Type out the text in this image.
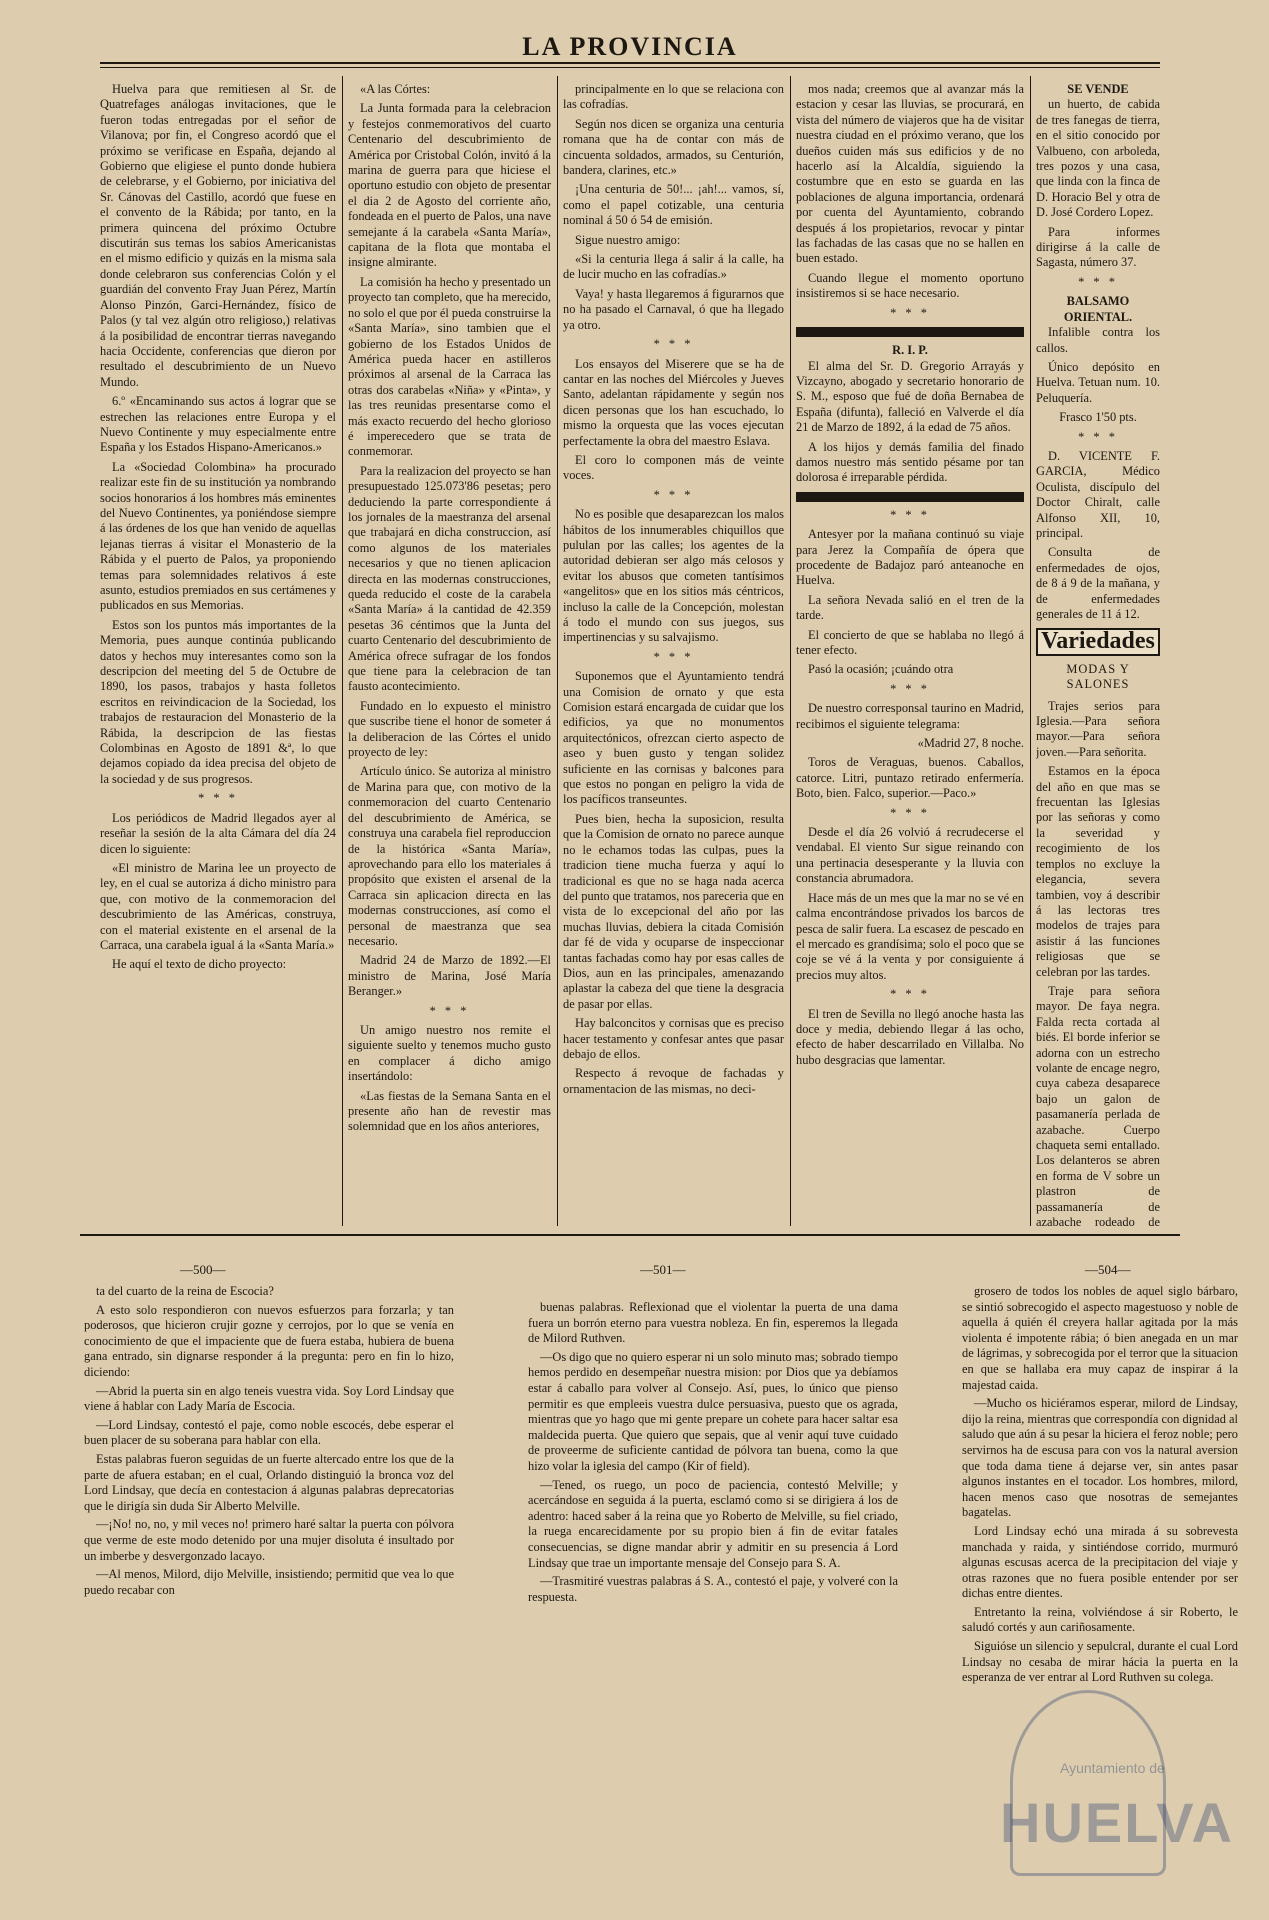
LA PROVINCIA

Huelva para que remitiesen al Sr. de Quatrefages análogas invitaciones, que le fueron todas entregadas por el señor de Vilanova; por fin, el Congreso acordó que el próximo se verificase en España, dejando al Gobierno que eligiese el punto donde hubiera de celebrarse, y el Gobierno, por iniciativa del Sr. Cánovas del Castillo, acordó que fuese en el convento de la Rábida; por tanto, en la primera quincena del próximo Octubre discutirán sus temas los sabios Americanistas en el mismo edificio y quizás en la misma sala donde celebraron sus conferencias Colón y el guardián del convento Fray Juan Pérez, Martín Alonso Pinzón, Garci-Hernández, físico de Palos (y tal vez algún otro religioso,) relativas á la posibilidad de encontrar tierras navegando hacia Occidente, conferencias que dieron por resultado el descubrimiento de un Nuevo Mundo.

6.º «Encaminando sus actos á lograr que se estrechen las relaciones entre Europa y el Nuevo Continente y muy especialmente entre España y los Estados Hispano-Americanos.»

La «Sociedad Colombina» ha procurado realizar este fin de su institución ya nombrando socios honorarios á los hombres más eminentes del Nuevo Continentes, ya poniéndose siempre á las órdenes de los que han venido de aquellas lejanas tierras á visitar el Monasterio de la Rábida y el puerto de Palos, ya proponiendo temas para solemnidades relativos á este asunto, estudios premiados en sus certámenes y publicados en sus Memorias.

Estos son los puntos más importantes de la Memoria, pues aunque continúa publicando datos y hechos muy interesantes como son la descripcion del meeting del 5 de Octubre de 1890, los pasos, trabajos y hasta folletos escritos en reivindicacion de la Sociedad, los trabajos de restauracion del Monasterio de la Rábida, la descripcion de las fiestas Colombinas en Agosto de 1891 &ª, lo que dejamos copiado da idea precisa del objeto de la sociedad y de sus progresos.

* * *

Los periódicos de Madrid llegados ayer al reseñar la sesión de la alta Cámara del día 24 dicen lo siguiente:

«El ministro de Marina lee un proyecto de ley, en el cual se autoriza á dicho ministro para que, con motivo de la conmemoracion del descubrimiento de las Américas, construya, con el material existente en el arsenal de la Carraca, una carabela igual á la «Santa María.»

He aquí el texto de dicho proyecto:

«A las Córtes:

La Junta formada para la celebracion y festejos conmemorativos del cuarto Centenario del descubrimiento de América por Cristobal Colón, invitó á la marina de guerra para que hiciese el oportuno estudio con objeto de presentar el dia 2 de Agosto del corriente año, fondeada en el puerto de Palos, una nave semejante á la carabela «Santa María», capitana de la flota que montaba el insigne almirante.

La comisión ha hecho y presentado un proyecto tan completo, que ha merecido, no solo el que por él pueda construirse la «Santa María», sino tambien que el gobierno de los Estados Unidos de América pueda hacer en astilleros próximos al arsenal de la Carraca las otras dos carabelas «Niña» y «Pinta», y las tres reunidas presentarse como el más exacto recuerdo del hecho glorioso é imperecedero que se trata de conmemorar.

Para la realizacion del proyecto se han presupuestado 125.073'86 pesetas; pero deduciendo la parte correspondiente á los jornales de la maestranza del arsenal que trabajará en dicha construccion, así como algunos de los materiales necesarios y que no tienen aplicacion directa en las modernas construcciones, queda reducido el coste de la carabela «Santa María» á la cantidad de 42.359 pesetas 36 céntimos que la Junta del cuarto Centenario del descubrimiento de América ofrece sufragar de los fondos que tiene para la celebracion de tan fausto acontecimiento.

Fundado en lo expuesto el ministro que suscribe tiene el honor de someter á la deliberacion de las Córtes el unido proyecto de ley:

Artículo único. Se autoriza al ministro de Marina para que, con motivo de la conmemoracion del cuarto Centenario del descubrimiento de América, se construya una carabela fiel reproduccion de la histórica «Santa María», aprovechando para ello los materiales á propósito que existen el arsenal de la Carraca sin aplicacion directa en las modernas construcciones, así como el personal de maestranza que sea necesario.

Madrid 24 de Marzo de 1892.—El ministro de Marina, José María Beranger.»

* * *

Un amigo nuestro nos remite el siguiente suelto y tenemos mucho gusto en complacer á dicho amigo insertándolo:

«Las fiestas de la Semana Santa en el presente año han de revestir mas solemnidad que en los años anteriores,

principalmente en lo que se relaciona con las cofradías.

Según nos dicen se organiza una centuria romana que ha de contar con más de cincuenta soldados, armados, su Centurión, bandera, clarines, etc.»

¡Una centuria de 50!... ¡ah!... vamos, sí, como el papel cotizable, una centuria nominal á 50 ó 54 de emisión.

Sigue nuestro amigo:

«Si la centuria llega á salir á la calle, ha de lucir mucho en las cofradías.»

Vaya! y hasta llegaremos á figurarnos que no ha pasado el Carnaval, ó que ha llegado ya otro.

* * *

Los ensayos del Miserere que se ha de cantar en las noches del Miércoles y Jueves Santo, adelantan rápidamente y según nos dicen personas que los han escuchado, lo mismo la orquesta que las voces ejecutan perfectamente la obra del maestro Eslava.

El coro lo componen más de veinte voces.

* * *

No es posible que desaparezcan los malos hábitos de los innumerables chiquillos que pululan por las calles; los agentes de la autoridad debieran ser algo más celosos y evitar los abusos que cometen tantísimos «angelitos» que en los sitios más céntricos, incluso la calle de la Concepción, molestan á todo el mundo con sus juegos, sus impertinencias y su salvajismo.

* * *

Suponemos que el Ayuntamiento tendrá una Comision de ornato y que esta Comision estará encargada de cuidar que los edificios, ya que no monumentos arquitectónicos, ofrezcan cierto aspecto de aseo y buen gusto y tengan solidez suficiente en las cornisas y balcones para que estos no pongan en peligro la vida de los pacíficos transeuntes.

Pues bien, hecha la suposicion, resulta que la Comision de ornato no parece aunque no le echamos todas las culpas, pues la tradicion tiene mucha fuerza y aquí lo tradicional es que no se haga nada acerca del punto que tratamos, nos pareceria que en vista de lo excepcional del año por las muchas lluvias, debiera la citada Comisión dar fé de vida y ocuparse de inspeccionar tantas fachadas como hay por esas calles de Dios, aun en las principales, amenazando aplastar la cabeza del que tiene la desgracia de pasar por ellas.

Hay balconcitos y cornisas que es preciso hacer testamento y confesar antes que pasar debajo de ellos.

Respecto á revoque de fachadas y ornamentacion de las mismas, no deci-

mos nada; creemos que al avanzar más la estacion y cesar las lluvias, se procurará, en vista del número de viajeros que ha de visitar nuestra ciudad en el próximo verano, que los dueños cuiden más sus edificios y de no hacerlo así la Alcaldía, siguiendo la costumbre que en esto se guarda en las poblaciones de alguna importancia, ordenará por cuenta del Ayuntamiento, cobrando después á los propietarios, revocar y pintar las fachadas de las casas que no se hallen en buen estado.

Cuando llegue el momento oportuno insistiremos si se hace necesario.

* * *
R. I. P.

El alma del Sr. D. Gregorio Arrayás y Vizcayno, abogado y secretario honorario de S. M., esposo que fué de doña Bernabea de España (difunta), falleció en Valverde el día 21 de Marzo de 1892, á la edad de 75 años.

A los hijos y demás familia del finado damos nuestro más sentido pésame por tan dolorosa é irreparable pérdida.

* * *

Antesyer por la mañana continuó su viaje para Jerez la Compañía de ópera que procedente de Badajoz paró anteanoche en Huelva.

La señora Nevada salió en el tren de la tarde.

El concierto de que se hablaba no llegó á tener efecto.

Pasó la ocasión; ¡cuándo otra

* * *

De nuestro corresponsal taurino en Madrid, recibimos el siguiente telegrama:

«Madrid 27, 8 noche.

Toros de Veraguas, buenos. Caballos, catorce. Litri, puntazo retirado enfermería. Boto, bien. Falco, superior.—Paco.»

* * *

Desde el día 26 volvió á recrudecerse el vendabal. El viento Sur sigue reinando con una pertinacia desesperante y la lluvia con constancia abrumadora.

Hace más de un mes que la mar no se vé en calma encontrándose privados los barcos de pesca de salir fuera. La escasez de pescado en el mercado es grandísima; solo el poco que se coje se vé á la venta y por consiguiente á precios muy altos.

* * *

El tren de Sevilla no llegó anoche hasta las doce y media, debiendo llegar á las ocho, efecto de haber descarrilado en Villalba. No hubo desgracias que lamentar.

SE VENDE

un huerto, de cabida de tres fanegas de tierra, en el sitio conocido por Valbueno, con arboleda, tres pozos y una casa, que linda con la finca de D. Horacio Bel y otra de D. José Cordero Lopez.

Para informes dirigirse á la calle de Sagasta, número 37.

* * *
BALSAMO ORIENTAL.

Infalible contra los callos.

Único depósito en Huelva. Tetuan num. 10. Peluquería.

Frasco 1'50 pts.

* * *

D. VICENTE F. GARCIA, Médico Oculista, discípulo del Doctor Chiralt, calle Alfonso XII, 10, principal.

Consulta de enfermedades de ojos, de 8 á 9 de la mañana, y de enfermedades generales de 11 á 12.

Variedades
MODAS Y SALONES

Trajes serios para Iglesia.—Para señora mayor.—Para señora joven.—Para señorita.

Estamos en la época del año en que mas se frecuentan las Iglesias por las señoras y como la severidad y recogimiento de los templos no excluye la elegancia, severa tambien, voy á describir á las lectoras tres modelos de trajes para asistir á las funciones religiosas que se celebran por las tardes.

Traje para señora mayor. De faya negra. Falda recta cortada al biés. El borde inferior se adorna con un estrecho volante de encage negro, cuya cabeza desaparece bajo un galon de pasamanería perlada de azabache. Cuerpo chaqueta semi entallado. Los delanteros se abren en forma de V sobre un plastron de passamanería de azabache rodeado de

—500—	—501—	—504—

ta del cuarto de la reina de Escocia?

A esto solo respondieron con nuevos esfuerzos para forzarla; y tan poderosos, que hicieron crujir gozne y cerrojos, por lo que se venía en conocimiento de que el impaciente que de fuera estaba, hubiera de buena gana entrado, sin dignarse responder á la pregunta: pero en fin lo hizo, diciendo:

—Abrid la puerta sin en algo teneis vuestra vida. Soy Lord Lindsay que viene á hablar con Lady María de Escocia.

—Lord Lindsay, contestó el paje, como noble escocés, debe esperar el buen placer de su soberana para hablar con ella.

Estas palabras fueron seguidas de un fuerte altercado entre los que de la parte de afuera estaban; en el cual, Orlando distinguió la bronca voz del Lord Lindsay, que decía en contestacion á algunas palabras deprecatorias que le dirigía sin duda Sir Alberto Melville.

—¡No! no, no, y mil veces no! primero haré saltar la puerta con pólvora que verme de este modo detenido por una mujer disoluta é insultado por un imberbe y desvergonzado lacayo.

—Al menos, Milord, dijo Melville, insistiendo; permitid que vea lo que puedo recabar con

buenas palabras. Reflexionad que el violentar la puerta de una dama fuera un borrón eterno para vuestra nobleza. En fin, esperemos la llegada de Milord Ruthven.

—Os digo que no quiero esperar ni un solo minuto mas; sobrado tiempo hemos perdido en desempeñar nuestra mision: por Dios que ya debíamos estar á caballo para volver al Consejo. Así, pues, lo único que pienso permitir es que empleeis vuestra dulce persuasiva, puesto que os agrada, mientras que yo hago que mi gente prepare un cohete para hacer saltar esa maldecida puerta. Que quiero que sepais, que al venir aquí tuve cuidado de proveerme de suficiente cantidad de pólvora tan buena, como la que hizo volar la iglesia del campo (Kir of field).

—Tened, os ruego, un poco de paciencia, contestó Melville; y acercándose en seguida á la puerta, esclamó como si se dirigiera á los de adentro: haced saber á la reina que yo Roberto de Melville, su fiel criado, la ruega encarecidamente por su propio bien á fin de evitar fatales consecuencias, se digne mandar abrir y admitir en su presencia á Lord Lindsay que trae un importante mensaje del Consejo para S. A.

—Trasmitiré vuestras palabras á S. A., contestó el paje, y volveré con la respuesta.

grosero de todos los nobles de aquel siglo bárbaro, se sintió sobrecogido el aspecto magestuoso y noble de aquella á quién él creyera hallar agitada por la más violenta é impotente rábia; ó bien anegada en un mar de lágrimas, y sobrecogida por el terror que la situacion en que se hallaba era muy capaz de inspirar á la majestad caida.

—Mucho os hiciéramos esperar, milord de Lindsay, dijo la reina, mientras que correspondía con dignidad al saludo que aún á su pesar la hiciera el feroz noble; pero servirnos ha de escusa para con vos la natural aversion que toda dama tiene á dejarse ver, sin antes pasar algunos instantes en el tocador. Los hombres, milord, hacen menos caso que nosotras de semejantes bagatelas.

Lord Lindsay echó una mirada á su sobrevesta manchada y raida, y sintiéndose corrido, murmuró algunas escusas acerca de la precipitacion del viaje y otras razones que no fuera posible entender por ser dichas entre dientes.

Entretanto la reina, volviéndose á sir Roberto, le saludó cortés y aun cariñosamente.

Siguióse un silencio y sepulcral, durante el cual Lord Lindsay no cesaba de mirar hácia la puerta en la esperanza de ver entrar al Lord Ruthven su colega.

Ayuntamiento de
HUELVA
